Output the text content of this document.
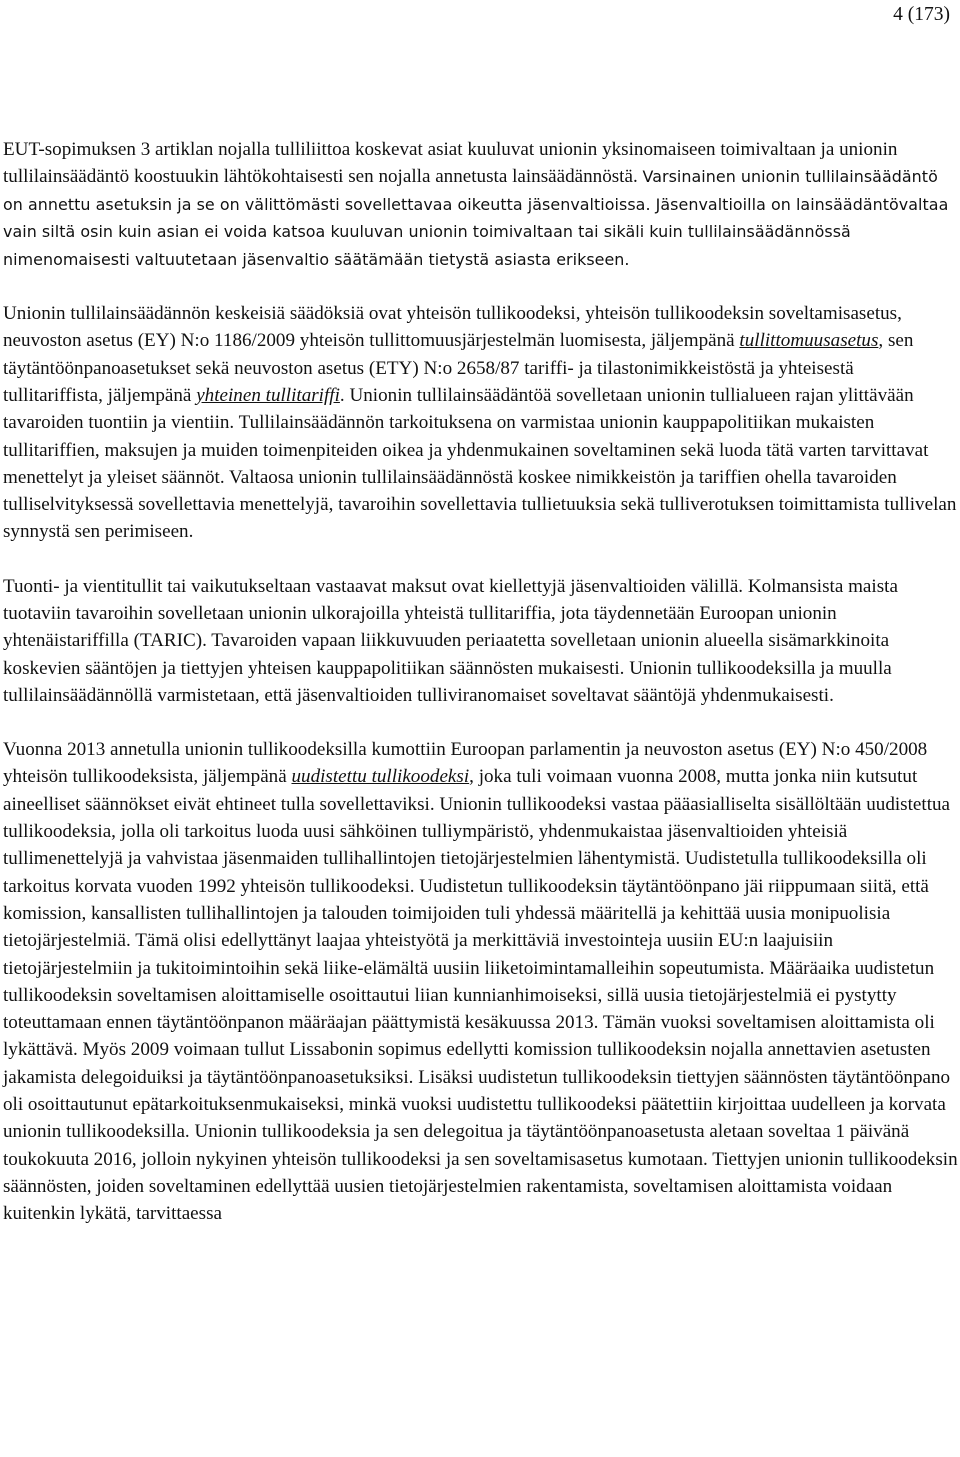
4 (173)

EUT-sopimuksen 3 artiklan nojalla tulliliittoa koskevat asiat kuuluvat unionin yksinomaiseen toimivaltaan ja unionin tullilainsäädäntö koostuukin lähtökohtaisesti sen nojalla annetusta lainsäädännöstä. Varsinainen unionin tullilainsäädäntö on annettu asetuksin ja se on välittömästi sovellettavaa oikeutta jäsenvaltioissa. Jäsenvaltioilla on lainsäädäntövaltaa vain siltä osin kuin asian ei voida katsoa kuuluvan unionin toimivaltaan tai sikäli kuin tullilainsäädännössä nimenomaisesti valtuutetaan jäsenvaltio säätämään tietystä asiasta erikseen.

Unionin tullilainsäädännön keskeisiä säädöksiä ovat yhteisön tullikoodeksi, yhteisön tullikoodeksin soveltamisasetus, neuvoston asetus (EY) N:o 1186/2009 yhteisön tullittomuusjärjestelmän luomisesta, jäljempänä tullittomuusasetus, sen täytäntöönpanoasetukset sekä neuvoston asetus (ETY) N:o 2658/87 tariffi- ja tilastonimikkeistöstä ja yhteisestä tullitariffista, jäljempänä yhteinen tullitariffi. Unionin tullilainsäädäntöä sovelletaan unionin tullialueen rajan ylittävään tavaroiden tuontiin ja vientiin. Tullilainsäädännön tarkoituksena on varmistaa unionin kauppapolitiikan mukaisten tullitariffien, maksujen ja muiden toimenpiteiden oikea ja yhdenmukainen soveltaminen sekä luoda tätä varten tarvittavat menettelyt ja yleiset säännöt. Valtaosa unionin tullilainsäädännöstä koskee nimikkeistön ja tariffien ohella tavaroiden tulliselvityksessä sovellettavia menettelyjä, tavaroihin sovellettavia tullietuuksia sekä tulliverotuksen toimittamista tullivelan synnystä sen perimiseen.

Tuonti- ja vientitullit tai vaikutukseltaan vastaavat maksut ovat kiellettyjä jäsenvaltioiden välillä. Kolmansista maista tuotaviin tavaroihin sovelletaan unionin ulkorajoilla yhteistä tullitariffia, jota täydennetään Euroopan unionin yhtenäistariffilla (TARIC). Tavaroiden vapaan liikkuvuuden periaatetta sovelletaan unionin alueella sisämarkkinoita koskevien sääntöjen ja tiettyjen yhteisen kauppapolitiikan säännösten mukaisesti. Unionin tullikoodeksilla ja muulla tullilainsäädännöllä varmistetaan, että jäsenvaltioiden tulliviranomaiset soveltavat sääntöjä yhdenmukaisesti.

Vuonna 2013 annetulla unionin tullikoodeksilla kumottiin Euroopan parlamentin ja neuvoston asetus (EY) N:o 450/2008 yhteisön tullikoodeksista, jäljempänä uudistettu tullikoodeksi, joka tuli voimaan vuonna 2008, mutta jonka niin kutsutut aineelliset säännökset eivät ehtineet tulla sovellettaviksi. Unionin tullikoodeksi vastaa pääasialliselta sisällöltään uudistettua tullikoodeksia, jolla oli tarkoitus luoda uusi sähköinen tulliympäristö, yhdenmukaistaa jäsenvaltioiden yhteisiä tullimenettelyjä ja vahvistaa jäsenmaiden tullihallintojen tietojärjestelmien lähentymistä. Uudistetulla tullikoodeksilla oli tarkoitus korvata vuoden 1992 yhteisön tullikoodeksi. Uudistetun tullikoodeksin täytäntöönpano jäi riippumaan siitä, että komission, kansallisten tullihallintojen ja talouden toimijoiden tuli yhdessä määritellä ja kehittää uusia monipuolisia tietojärjestelmiä. Tämä olisi edellyttänyt laajaa yhteistyötä ja merkittäviä investointeja uusiin EU:n laajuisiin tietojärjestelmiin ja tukitoimintoihin sekä liike-elämältä uusiin liiketoimintamalleihin sopeutumista. Määräaika uudistetun tullikoodeksin soveltamisen aloittamiselle osoittautui liian kunnianhimoiseksi, sillä uusia tietojärjestelmiä ei pystytty toteuttamaan ennen täytäntöönpanon määräajan päättymistä kesäkuussa 2013. Tämän vuoksi soveltamisen aloittamista oli lykättävä. Myös 2009 voimaan tullut Lissabonin sopimus edellytti komission tullikoodeksin nojalla annettavien asetusten jakamista delegoiduiksi ja täytäntöönpanoasetuksiksi. Lisäksi uudistetun tullikoodeksin tiettyjen säännösten täytäntöönpano oli osoittautunut epätarkoituksenmukaiseksi, minkä vuoksi uudistettu tullikoodeksi päätettiin kirjoittaa uudelleen ja korvata unionin tullikoodeksilla. Unionin tullikoodeksia ja sen delegoitua ja täytäntöönpanoasetusta aletaan soveltaa 1 päivänä toukokuuta 2016, jolloin nykyinen yhteisön tullikoodeksi ja sen soveltamisasetus kumotaan. Tiettyjen unionin tullikoodeksin säännösten, joiden soveltaminen edellyttää uusien tietojärjestelmien rakentamista, soveltamisen aloittamista voidaan kuitenkin lykätä, tarvittaessa
